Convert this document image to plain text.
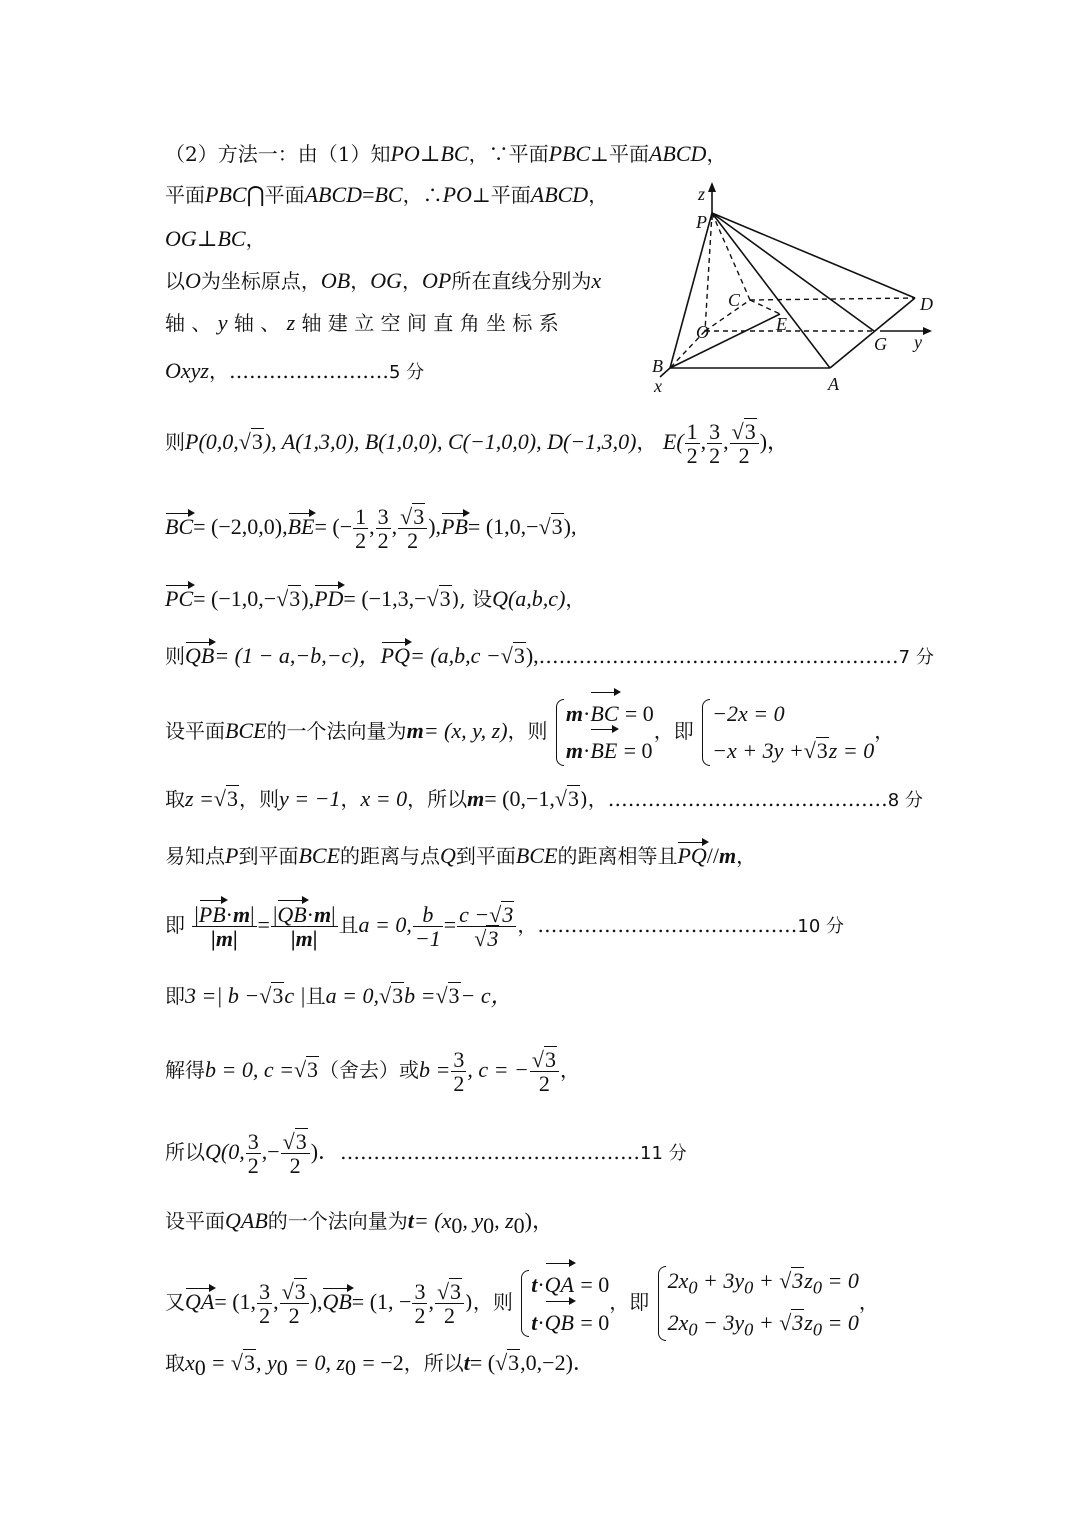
（2）方法一：由（1）知PO⊥BC，∵平面PBC⊥平面ABCD，
平面PBC⋂平面ABCD=BC，∴PO⊥平面ABCD，
OG⊥BC，
以O为坐标原点，OB，OG，OP所在直线分别为x
轴 、 y 轴 、 z 轴 建 立 空 间 直 角 坐 标 系
Oxyz，……………………5 分
z
P
C	D
O	E
G y
B
A
x
则P(0,0,√3), A(1,3,0), B(1,0,0), C(−1,0,0), D(−1,3,0)， $E( \frac{1}{2}$ , $\frac{3}{2}$ , $\frac{√3}{2}$ )，
BC= (−2,0,0),BE= (− $\frac{1}{2}$ , $\frac{3}{2}$ , $\frac{√3}{2} ),PB= (1,0,-√3)$,
PC= (−1,0,−√3),PD= (−1,3,−√3), 设Q(a,b,c)，
则QB= (1 − a,−b,−c)，PQ= (a,b,c −√3),………………………………………………7 分
设平面BCE的一个法向量为m= (x, y, z)，则
m·BC = 0
m·BE = 0
，即
−2x = 0
−x + 3y +√3z = 0
，
取z =√3，则y = −1，x = 0，所以m= (0,−1,√3)，……………………………………8 分
易知点P到平面BCE的距离与点Q到平面BCE的距离相等且PQ//m，
即 $\frac{|PB\cdot m|}{|m|} = \frac{|QB\cdot m|}{|m|}$ 且a = 0, $\frac{b}{-1} = \frac{c -√3}{√3}$ ，…………………………………10 分
即3 =| b −√3c |且a = 0,√3b =√3− c，
解得b = 0, c =√3（舍去）或$b = \frac{3}{2}$ , c = − $\frac{√3}{2}$ ，
所以Q(0, $\frac{3}{2}$ ,− $\frac{√3}{2}$ )．………………………………………11 分
设平面QAB的一个法向量为$t= (x_0$, $y_0$, $z_0$)，
又QA= (1, $\frac{3}{2}$ , $\frac{√3}{2} ),QB= (1$, − $\frac{3}{2}$ , $\frac{√3}{2}$ )，则
t·QA = 0
t·QB = 0
，即
$2x_0 + 3y_0 + √3z_0 = 0$
$2x_0 - 3y_0 + √3z_0 = 0$
，
取$x_0 = √3$, $y_0 = 0$, $z_0 = -2$，所以t= (√3,0,−2)．
